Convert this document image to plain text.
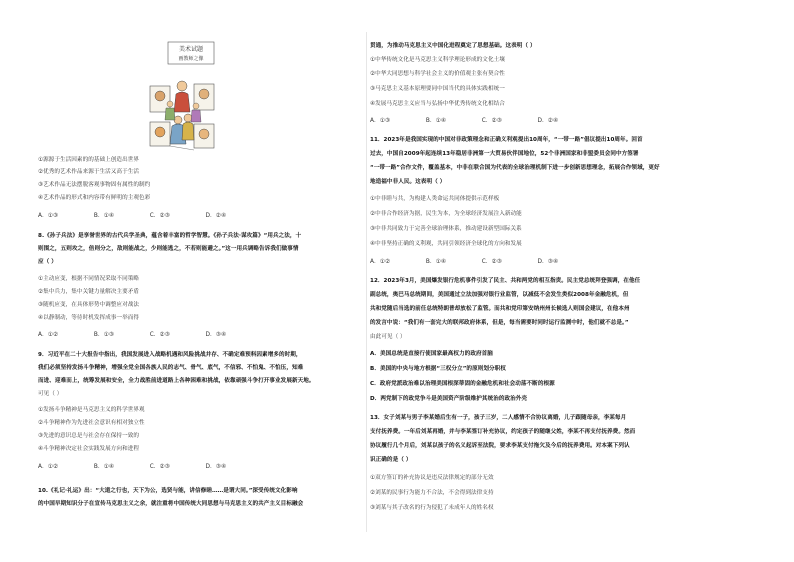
美术试题
画教师之像
①源源于生活因素的的基础上创造出世界
②优秀的艺术作品来源于生活又高于生活
③艺术作品无法摆脱客观事物固有属性的制约
④艺术作品的形式和内容带有鲜明的主观色彩
A．①③	B．①④	C．②③	D．②④
8.《孙子兵法》是享誉世界的古代兵学圣典，蕴含着丰富的哲学智慧。《孙子兵法·谋攻篇》“用兵之法，十
则围之，五则攻之，倍则分之，敌则能战之，少则能逃之，不若则能避之。”这一用兵调略告诉我们做事情
应（ ）
①主动应变，根据不同情况采取不同策略
②集中兵力，集中关键力量解决主要矛盾
③随机应变，在具体形势中调整应对战法
④以静制动，等待时机发挥成事一举而得
A．①②	B．①③	C．②③	D．③④
9．习近平在二十大报告中指出，我国发展进入战略机遇和风险挑战并存、不确定难预料因素增多的时期，
我们必须坚持发扬斗争精神，增强全党全国各族人民的志气、骨气、底气，不信邪、不怕鬼、不怕压，知难
而进、迎难而上，统筹发展和安全，全力战胜前进道路上各种困难和挑战，依靠顽强斗争打开事业发展新天地。
可见（ ）
①发扬斗争精神是马克思主义的科学世界观
②斗争精神作为先进社会意识有相对独立性
③先进的意识总是与社会存在保持一致的
④斗争精神决定社会实践发展方向和进程
A．①②	B．①④	C．②③	D．③④
10.《礼记·礼运》出：“大道之行也，天下为公，选贤与能，讲信修睦……是谓大同。”深受传统文化影响
的中国早期知识分子在宣传马克思主义之余，就注重将中国传统大同思想与马克思主义的共产主义目标融会
贯通，为推动马克思主义中国化进程奠定了思想基础。这表明（ ）
①中华传统文化是马克思主义科学理论形成的文化土壤
②中华大同思想与科学社会主义的价值观主张有契合性
③马克思主义基本原理要同中国当代的具体实践相统一
④发展马克思主义应当与弘扬中华优秀传统文化相结合
A．①③	B．①④	C．②③	D．②④
11．2023年是我国实现的中国对非政策理念和正确义利观提出10周年，“一带一路”倡议提出10周年。回首
过去，中国自2009年起连续13年稳居非洲第一大贸易伙伴国地位，52个非洲国家和非盟委员会同中方签署
“一带一路”合作文件，覆盖基本，中非在联合国为代表的全球治理机制下进一步创新思想理念，拓展合作领域，更好
地造福中非人民。这表明（ ）
①中非睦与共，为构建人类命运共同体提供示范样板
②中非合作经济为据，民生为本，为全球经济发展注入新动能
③中非共同致力于完善全球治理体系，推动建设新型国际关系
④中非坚持正确的义利观，共同引领经济全球化的方向和发展
A．①②	B．①④	C．②③	D．③④
12．2023年3月，美国爆发银行危机事件引发了民主、共和两党的相互指责。民主党总统拜登强调，在他任
副总统，奥巴马总统期间，美国通过立法加强对银行业监管，以减低不会发生类似2008年金融危机，但
共和党随后当选的前任总统特朗普却放松了监管。而共和党印第安纳州州长候选人则国会建议，在他本州
的发言中说：“我们有一套完大的联邦政府体系，但是，每当需要时同时运行监测中时，他们就不总是。”
由此可见（ ）
A．美国总统是直接行使国家最高权力的政府首脑
B．美国的中央与地方根据“三权分立”的原则划分职权
C．政府党派政治难以治理美国根深蒂固的金融危机和社会动荡不断的根源
D．两党制下的政党争斗是美国资产阶级维护其统治的政治外壳
13．女子刘某与男子李某婚后生有一子，孩子三岁，二人感情不合协议离婚，儿子跟随母亲，李某每月
支付抚养费。一年后刘某再婚，并与李某签订补充协议，约定孩子的随继父姓，李某不再支付抚养费。然而
协议履行几个月后，刘某以孩子的名义起诉至法院，要求李某支付拖欠及今后的抚养费用。对本案下列认
识正确的是（ ）
①双方签订的补充协议是违反法律规定的部分无效
②刘某的民事行为能力不合法，不会得到法律支持
③刘某与其子改名的行为侵犯了未成年人的姓名权
